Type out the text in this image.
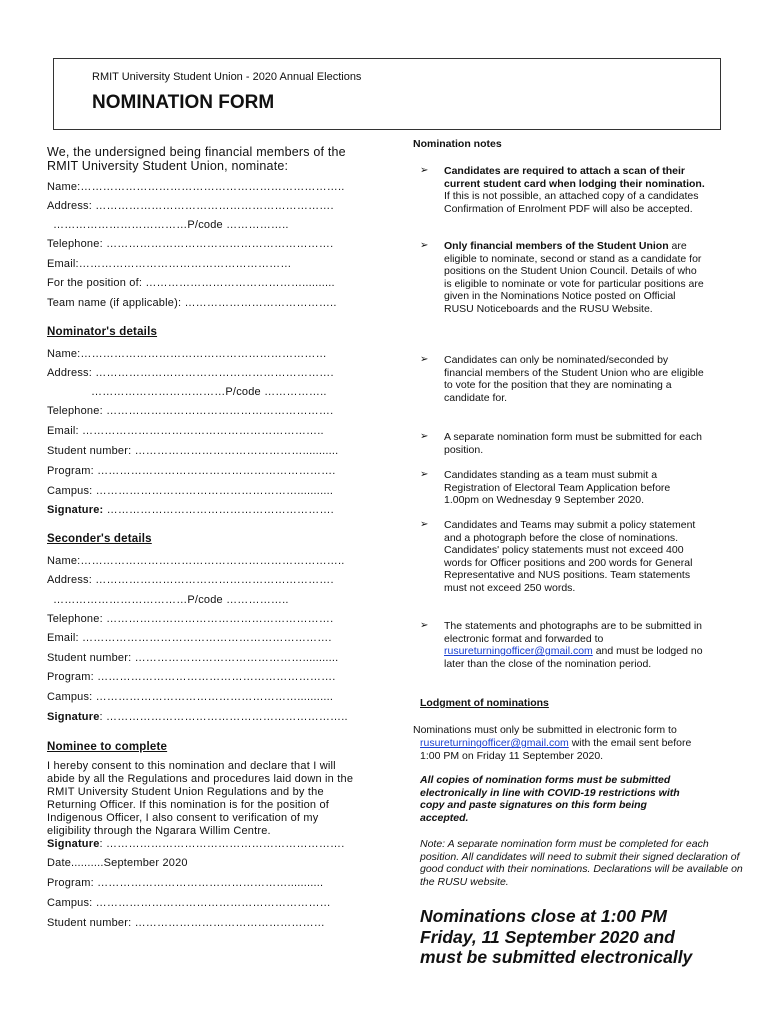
RMIT University Student Union - 2020 Annual Elections
NOMINATION FORM
We, the undersigned being financial members of the
RMIT University Student Union, nominate:
Name:……………………………………………………………..
Address: ……………………………………………………….
………………………………P/code ……………..
Telephone: …………………………………………………….
Email:…………………………………………………
For the position of: ……………………………………..........
Team name (if applicable): …………………………………..
Nominator's details
Name:…………………………………………………………
Address: ……………………………………………………….
………………………………P/code ……………..
Telephone: …………………………………………………….
Email: ………………………………………………………..
Student number: ………………………………………...........
Program: ……………………………………………………….
Campus: ………………………………………………...........
Signature: …………………………………………………….
Seconder's details
Name:……………………………………………………………..
Address: ……………………………………………………….
………………………………P/code ……………..
Telephone: …………………………………………………….
Email: ………………………………………………………….
Student number: ………………………………………...........
Program: ……………………………………………………….
Campus: ………………………………………………...........
Signature: ………………………………………………………..
Nominee to complete
I hereby consent to this nomination and declare that I will
abide by all the Regulations and procedures laid down in the
RMIT University Student Union Regulations and by the
Returning Officer. If this nomination is for the position of
Indigenous Officer, I also consent to verification of my
eligibility through the Ngarara Willim Centre.
Signature: ……………………………………………………….
Date..........September 2020
Program: ……………………………………………...........
Campus: ………………………………………………………
Student number: ……………………………………………
Nomination notes
➢ Candidates are required to attach a scan of their current student card when lodging their nomination. If this is not possible, an attached copy of a candidates Confirmation of Enrolment PDF will also be accepted.
➢ Only financial members of the Student Union are eligible to nominate, second or stand as a candidate for positions on the Student Union Council. Details of who is eligible to nominate or vote for particular positions are given in the Nominations Notice posted on Official RUSU Noticeboards and the RUSU Website.
➢ Candidates can only be nominated/seconded by financial members of the Student Union who are eligible to vote for the position that they are nominating a candidate for.
➢ A separate nomination form must be submitted for each position.
➢ Candidates standing as a team must submit a Registration of Electoral Team Application before 1.00pm on Wednesday 9 September 2020.
➢ Candidates and Teams may submit a policy statement and a photograph before the close of nominations. Candidates' policy statements must not exceed 400 words for Officer positions and 200 words for General Representative and NUS positions. Team statements must not exceed 250 words.
➢ The statements and photographs are to be submitted in electronic format and forwarded to rusureturningofficer@gmail.com and must be lodged no later than the close of the nomination period.
Lodgment of nominations
Nominations must only be submitted in electronic form to
rusureturningofficer@gmail.com with the email sent before
1:00 PM on Friday 11 September 2020.
All copies of nomination forms must be submitted electronically in line with COVID-19 restrictions with copy and paste signatures on this form being accepted.
Note: A separate nomination form must be completed for each position. All candidates will need to submit their signed declaration of good conduct with their nominations. Declarations will be available on the RUSU website.
Nominations close at 1:00 PM Friday, 11 September 2020 and must be submitted electronically
